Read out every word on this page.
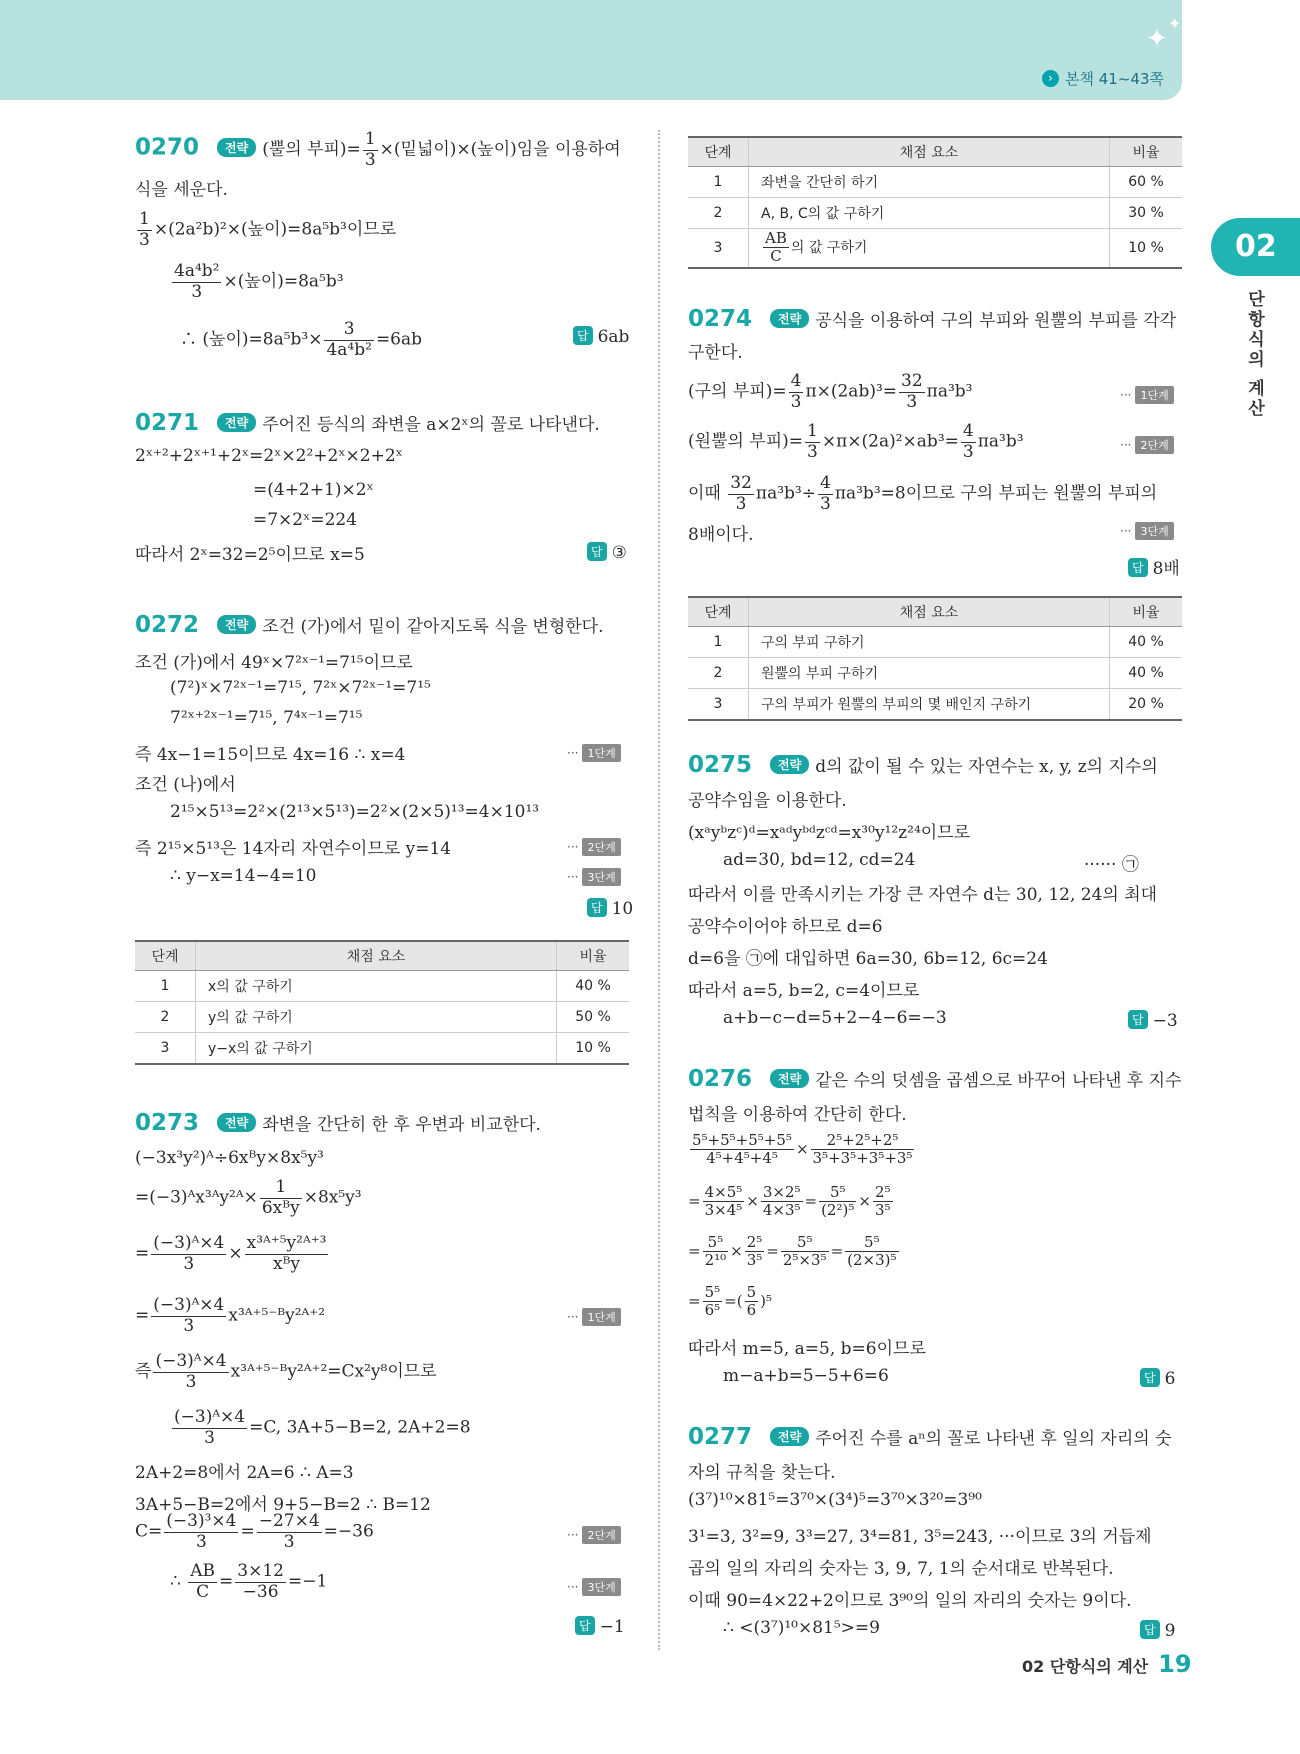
✦
✦
› 본책 41~43쪽
02
단항식의 계산
0270 전략 (뿔의 부피)= $\frac{1}{3}$ ×(밑넓이)×(높이)임을 이용하여
식을 세운다.
$\frac{1}{3} \times(2a^2b)^2\times$(높이)=8a⁵b³이므로
$\frac{\text{4a⁴b²}}{3}$ ×(높이)=8a⁵b³
∴ (높이)$=8a^5b^3\times \frac{3}{\text{4a⁴b²}} =6ab$	답 6ab
0271 전략 주어진 등식의 좌변을 a×2ˣ의 꼴로 나타낸다.
2ˣ⁺²+2ˣ⁺¹+2ˣ=2ˣ×2²+2ˣ×2+2ˣ
=(4+2+1)×2ˣ
=7×2ˣ=224
따라서 2ˣ=32=2⁵이므로 x=5	답 ③
0272 전략 조건 (가)에서 밑이 같아지도록 식을 변형한다.
조건 (가)에서 49ˣ×7²ˣ⁻¹=7¹⁵이므로
(7²)ˣ×7²ˣ⁻¹=7¹⁵, 7²ˣ×7²ˣ⁻¹=7¹⁵
7²ˣ⁺²ˣ⁻¹=7¹⁵, 7⁴ˣ⁻¹=7¹⁵
즉 4x−1=15이므로 4x=16 ∴ x=4	··· 1단계
조건 (나)에서
2¹⁵×5¹³=2²×(2¹³×5¹³)=2²×(2×5)¹³=4×10¹³
즉 2¹⁵×5¹³은 14자리 자연수이므로 y=14	··· 2단계
∴ y−x=14−4=10	··· 3단계
답 10
단계	채점 요소	비율
1	x의 값 구하기	40 %
2	y의 값 구하기	50 %
3	y−x의 값 구하기	10 %
0273 전략 좌변을 간단히 한 후 우변과 비교한다.
(−3x³y²)ᴬ÷6xᴮy×8x⁵y³
=(−3)ᴬx³ᴬy²ᴬ× $\frac{1}{\text{6xᴮy}} \times 8x^5y^3$
= $\frac{\text{(−3)ᴬ×4}}{3} \times \frac{\text{x³ᴬ⁺⁵y²ᴬ⁺³}}{\text{xᴮy}}$
= $\frac{\text{(−3)ᴬ×4}}{3}$ x³ᴬ⁺⁵⁻ᴮy²ᴬ⁺²	··· 1단계
즉 $\frac{\text{(−3)ᴬ×4}}{3}$ x³ᴬ⁺⁵⁻ᴮy²ᴬ⁺²=Cx²y⁸이므로
$\frac{\text{(−3)ᴬ×4}}{3} =C$, 3A+5−B=2, 2A+2=8
2A+2=8에서 2A=6 ∴ A=3
3A+5−B=2에서 9+5−B=2 ∴ B=12
$C= \frac{\text{(−3)³×4}}{3} = \frac{-27\times 4}{3} =-36$	··· 2단계
∴ $\frac{AB}{C} = \frac{3\times 12}{-36} =-1$	··· 3단계
답 −1
단계	채점 요소	비율
1	좌변을 간단히 하기	60 %
2	A, B, C의 값 구하기	30 %
3	$\frac{AB}{C}$ 의 값 구하기	10 %
0274 전략 공식을 이용하여 구의 부피와 원뿔의 부피를 각각
구한다.
(구의 부피)= $\frac{4}{3} \pi\times(2ab)^3= \frac{32}{3} \pi a^3b^3$	··· 1단계
(원뿔의 부피)= $\frac{1}{3} \times\pi\times(2a)^2\times ab^3= \frac{4}{3} \pi a^3b^3$	··· 2단계
이때 $\frac{32}{3} \pi a^3b^3\div \frac{4}{3} \pi a^3b^3=8$이므로 구의 부피는 원뿔의 부피의
8배이다.	··· 3단계
답 8배
단계	채점 요소	비율
1	구의 부피 구하기	40 %
2	원뿔의 부피 구하기	40 %
3	구의 부피가 원뿔의 부피의 몇 배인지 구하기	20 %
0275 전략 d의 값이 될 수 있는 자연수는 x, y, z의 지수의
공약수임을 이용한다.
(xᵃyᵇzᶜ)ᵈ=xᵃᵈyᵇᵈzᶜᵈ=x³⁰y¹²z²⁴이므로
ad=30, bd=12, cd=24	······ ㉠
따라서 이를 만족시키는 가장 큰 자연수 d는 30, 12, 24의 최대
공약수이어야 하므로 d=6
d=6을 ㉠에 대입하면 6a=30, 6b=12, 6c=24
따라서 a=5, b=2, c=4이므로
a+b−c−d=5+2−4−6=−3	답 −3
0276 전략 같은 수의 덧셈을 곱셈으로 바꾸어 나타낸 후 지수
법칙을 이용하여 간단히 한다.
$\frac{\text{5⁵+5⁵+5⁵+5⁵}}{\text{4⁵+4⁵+4⁵}} \times \frac{\text{2⁵+2⁵+2⁵}}{\text{3⁵+3⁵+3⁵+3⁵}}$
= $\frac{\text{4×5⁵}}{\text{3×4⁵}} \times \frac{\text{3×2⁵}}{\text{4×3⁵}} = \frac{\text{5⁵}}{\text{(2²)⁵}} \times \frac{\text{2⁵}}{\text{3⁵}}$
= $\frac{\text{5⁵}}{\text{2¹⁰}} \times \frac{\text{2⁵}}{\text{3⁵}} = \frac{\text{5⁵}}{\text{2⁵×3⁵}} = \frac{\text{5⁵}}{\text{(2×3)⁵}}$
= $\frac{\text{5⁵}}{\text{6⁵}}$ =( $\frac{5}{6} )^5$
따라서 m=5, a=5, b=6이므로
m−a+b=5−5+6=6	답 6
0277 전략 주어진 수를 aⁿ의 꼴로 나타낸 후 일의 자리의 숫
자의 규칙을 찾는다.
(3⁷)¹⁰×81⁵=3⁷⁰×(3⁴)⁵=3⁷⁰×3²⁰=3⁹⁰
3¹=3, 3²=9, 3³=27, 3⁴=81, 3⁵=243, ···이므로 3의 거듭제
곱의 일의 자리의 숫자는 3, 9, 7, 1의 순서대로 반복된다.
이때 90=4×22+2이므로 3⁹⁰의 일의 자리의 숫자는 9이다.
∴ <(3⁷)¹⁰×81⁵>=9	답 9
02 단항식의 계산 19
